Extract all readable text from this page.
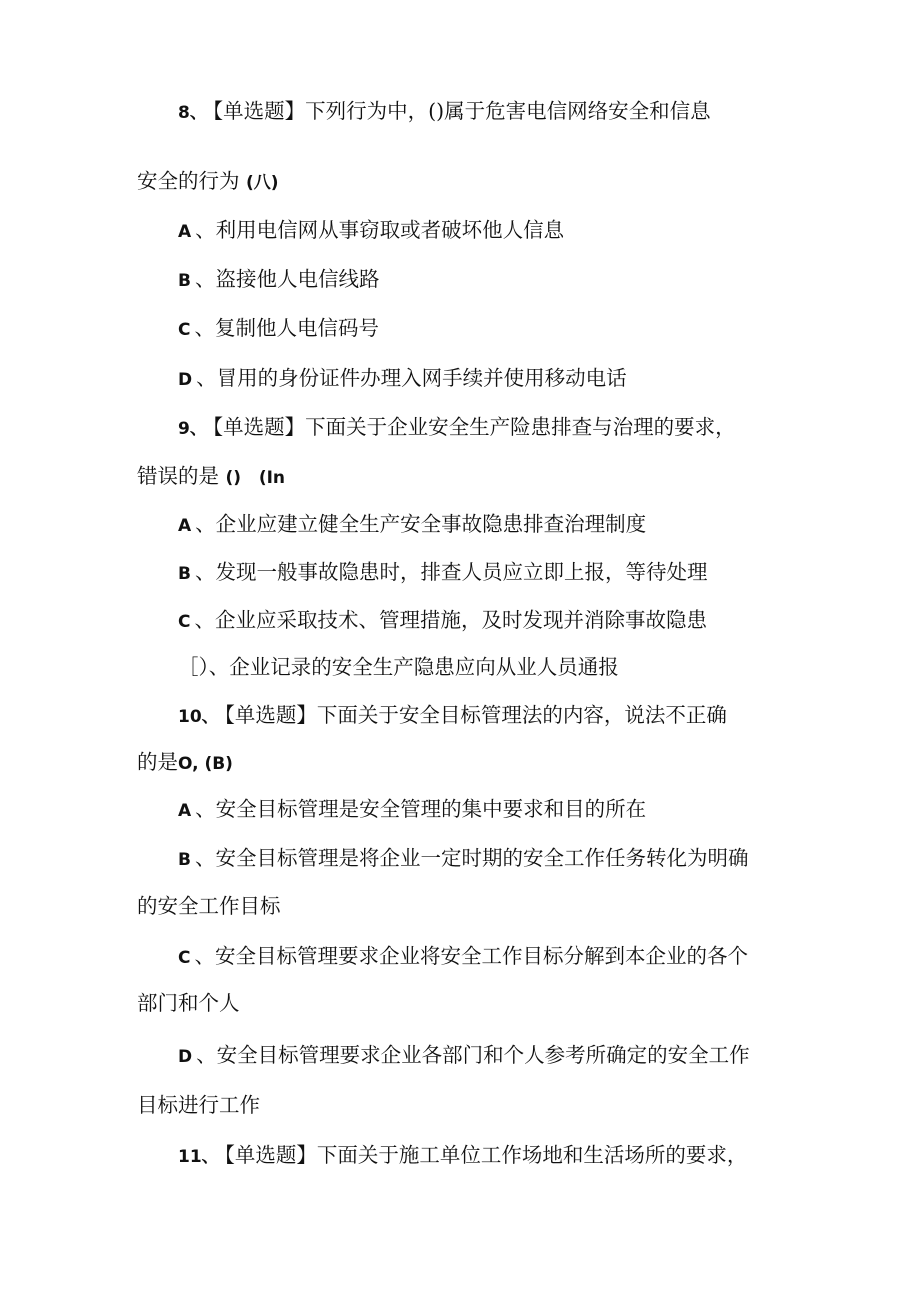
8、 【单选题】下列行为中，()属于危害电信网络安全和信息
安全的行为 (八)
A 、利用电信网从事窃取或者破坏他人信息
B 、盗接他人电信线路
C 、复制他人电信码号
D 、冒用的身份证件办理入网手续并使用移动电话
9、 【单选题】下面关于企业安全生产险患排查与治理的要求，
错误的是 ()   (In
A 、企业应建立健全生产安全事故隐患排查治理制度
B 、发现一般事故隐患时，排查人员应立即上报，等待处理
C 、企业应采取技术、管理措施，及时发现并消除事故隐患
［）、企业记录的安全生产隐患应向从业人员通报
10、 【单选题】下面关于安全目标管理法的内容，说法不正确
的是O, (B)
A 、安全目标管理是安全管理的集中要求和目的所在
B 、安全目标管理是将企业一定时期的安全工作任务转化为明确
的安全工作目标
C 、安全目标管理要求企业将安全工作目标分解到本企业的各个
部门和个人
D 、安全目标管理要求企业各部门和个人参考所确定的安全工作
目标进行工作
11、 【单选题】下面关于施工单位工作场地和生活场所的要求，
